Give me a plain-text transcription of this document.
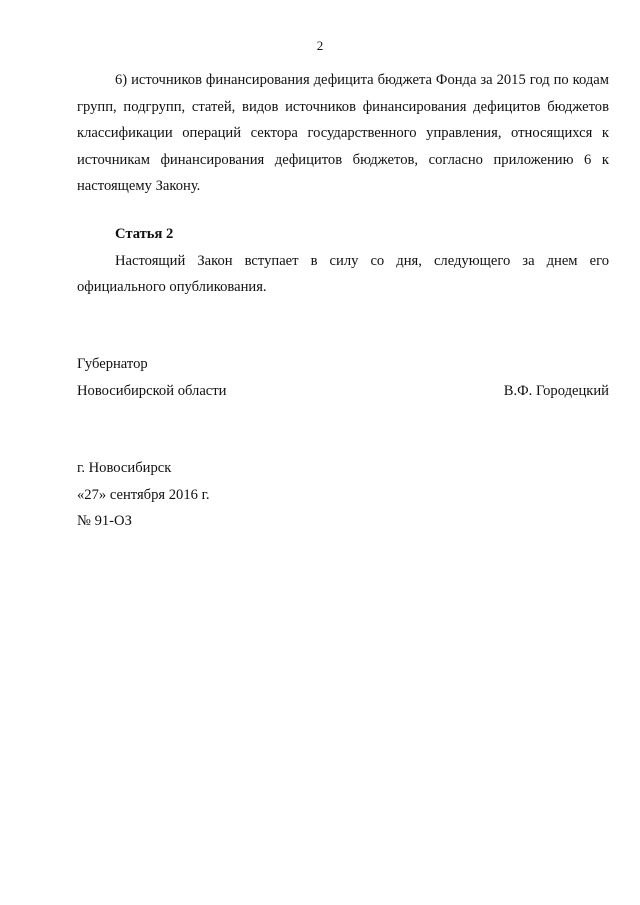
2

6) источников финансирования дефицита бюджета Фонда за 2015 год по кодам групп, подгрупп, статей, видов источников финансирования дефицитов бюджетов классификации операций сектора государственного управления, относящихся к источникам финансирования дефицитов бюджетов, согласно приложению 6 к настоящему Закону.

Статья 2

Настоящий Закон вступает в силу со дня, следующего за днем его официального опубликования.

Губернатор

Новосибирской области	В.Ф. Городецкий

г. Новосибирск

«27» сентября 2016 г.

№ 91-ОЗ
